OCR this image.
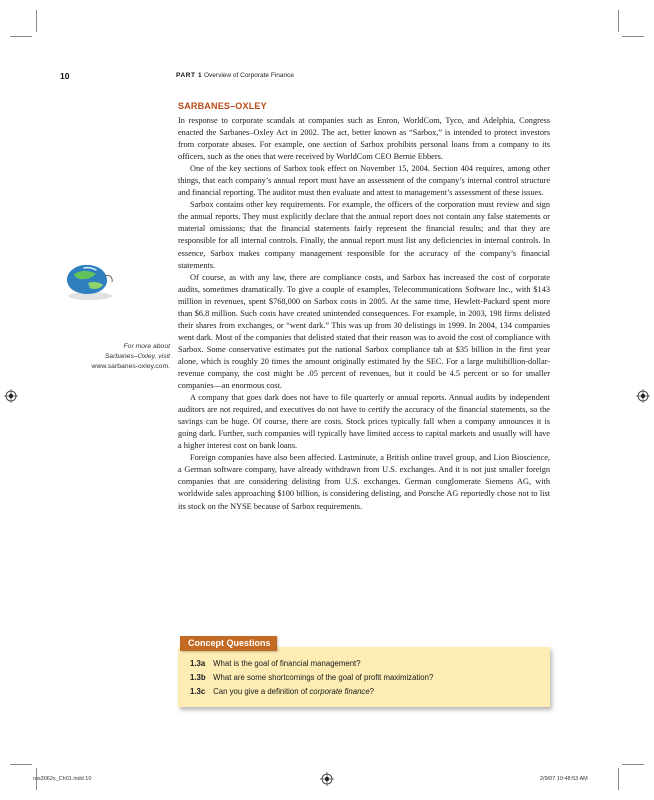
10	PART 1 Overview of Corporate Finance
SARBANES–OXLEY

In response to corporate scandals at companies such as Enron, WorldCom, Tyco, and Adelphia, Congress enacted the Sarbanes–Oxley Act in 2002. The act, better known as “Sarbox,” is intended to protect investors from corporate abuses. For example, one section of Sarbox prohibits personal loans from a company to its officers, such as the ones that were received by WorldCom CEO Bernie Ebbers.

One of the key sections of Sarbox took effect on November 15, 2004. Section 404 requires, among other things, that each company’s annual report must have an assessment of the company’s internal control structure and financial reporting. The auditor must then evaluate and attest to management’s assessment of these issues.

Sarbox contains other key requirements. For example, the officers of the corporation must review and sign the annual reports. They must explicitly declare that the annual report does not contain any false statements or material omissions; that the financial statements fairly represent the financial results; and that they are responsible for all internal controls. Finally, the annual report must list any deficiencies in internal controls. In essence, Sarbox makes company management responsible for the accuracy of the company’s financial statements.

Of course, as with any law, there are compliance costs, and Sarbox has increased the cost of corporate audits, sometimes dramatically. To give a couple of examples, Telecommunications Software Inc., with $143 million in revenues, spent $768,000 on Sarbox costs in 2005. At the same time, Hewlett-Packard spent more than $6.8 million. Such costs have created unintended consequences. For example, in 2003, 198 firms delisted their shares from exchanges, or “went dark.” This was up from 30 delistings in 1999. In 2004, 134 companies went dark. Most of the companies that delisted stated that their reason was to avoid the cost of compliance with Sarbox. Some conservative estimates put the national Sarbox compliance tab at $35 billion in the first year alone, which is roughly 20 times the amount originally estimated by the SEC. For a large multibillion-dollar-revenue company, the cost might be .05 percent of revenues, but it could be 4.5 percent or so for smaller companies—an enormous cost.

A company that goes dark does not have to file quarterly or annual reports. Annual audits by independent auditors are not required, and executives do not have to certify the accuracy of the financial statements, so the savings can be huge. Of course, there are costs. Stock prices typically fall when a company announces it is going dark. Further, such companies will typically have limited access to capital markets and usually will have a higher interest cost on bank loans.

Foreign companies have also been affected. Lastminute, a British online travel group, and Lion Bioscience, a German software company, have already withdrawn from U.S. exchanges. And it is not just smaller foreign companies that are considering delisting from U.S. exchanges. German conglomerate Siemens AG, with worldwide sales approaching $100 billion, is considering delisting, and Porsche AG reportedly chose not to list its stock on the NYSE because of Sarbox requirements.

For more about
Sarbanes–Oxley, visit
www.sarbanes-oxley.com.
Concept Questions
1.3a What is the goal of financial management?
1.3b What are some shortcomings of the goal of profit maximization?
1.3c Can you give a definition of corporate finance?
ros3062x_Ch01.indd 10	2/9/07 10:48:53 AM
